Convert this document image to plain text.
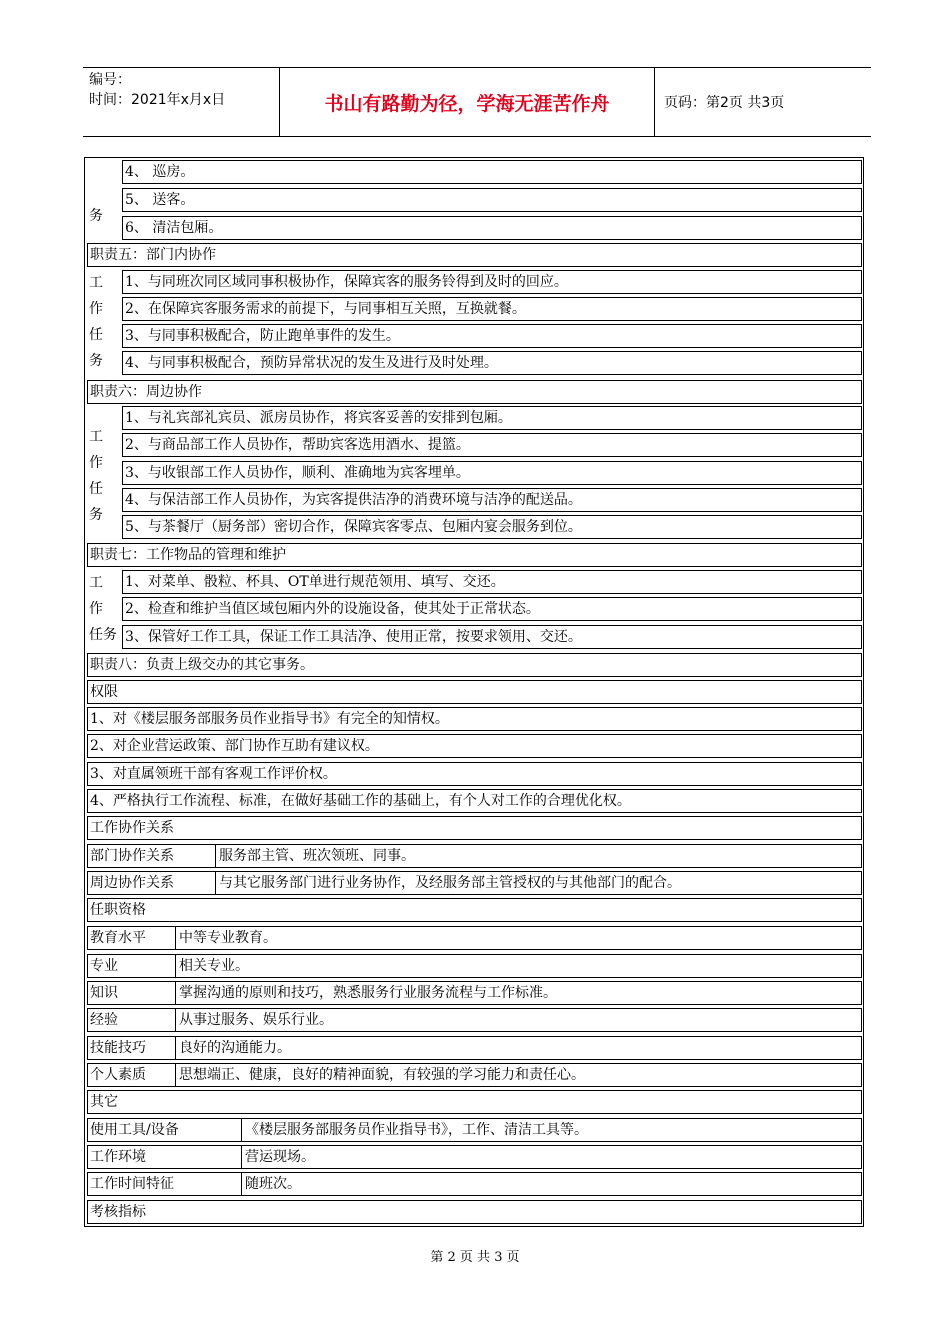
编号：
时间：2021年x月x日	书山有路勤为径，学海无涯苦作舟	页码：第2页 共3页
务
4、 巡房。
5、 送客。
6、 清洁包厢。
职责五：部门内协作
工
作
任
务
1、与同班次同区域同事积极协作，保障宾客的服务铃得到及时的回应。
2、在保障宾客服务需求的前提下，与同事相互关照，互换就餐。
3、与同事积极配合，防止跑单事件的发生。
4、与同事积极配合，预防异常状况的发生及进行及时处理。
职责六：周边协作
工
作
任
务
1、与礼宾部礼宾员、派房员协作，将宾客妥善的安排到包厢。
2、与商品部工作人员协作，帮助宾客选用酒水、提篮。
3、与收银部工作人员协作，顺利、准确地为宾客埋单。
4、与保洁部工作人员协作，为宾客提供洁净的消费环境与洁净的配送品。
5、与茶餐厅（厨务部）密切合作，保障宾客零点、包厢内宴会服务到位。
职责七：工作物品的管理和维护
工
作
任务
1、对菜单、骰粒、杯具、OT单进行规范领用、填写、交还。
2、检查和维护当值区域包厢内外的设施设备，使其处于正常状态。
3、保管好工作工具，保证工作工具洁净、使用正常，按要求领用、交还。
职责八：负责上级交办的其它事务。
权限
1、对《楼层服务部服务员作业指导书》有完全的知情权。
2、对企业营运政策、部门协作互助有建议权。
3、对直属领班干部有客观工作评价权。
4、严格执行工作流程、标准，在做好基础工作的基础上，有个人对工作的合理优化权。
工作协作关系
部门协作关系	服务部主管、班次领班、同事。
周边协作关系	与其它服务部门进行业务协作，及经服务部主管授权的与其他部门的配合。
任职资格
教育水平	中等专业教育。
专业	相关专业。
知识	掌握沟通的原则和技巧，熟悉服务行业服务流程与工作标准。
经验	从事过服务、娱乐行业。
技能技巧	良好的沟通能力。
个人素质	思想端正、健康，良好的精神面貌，有较强的学习能力和责任心。
其它
使用工具/设备	《楼层服务部服务员作业指导书》，工作、清洁工具等。
工作环境	营运现场。
工作时间特征	随班次。
考核指标
第 2 页 共 3 页
